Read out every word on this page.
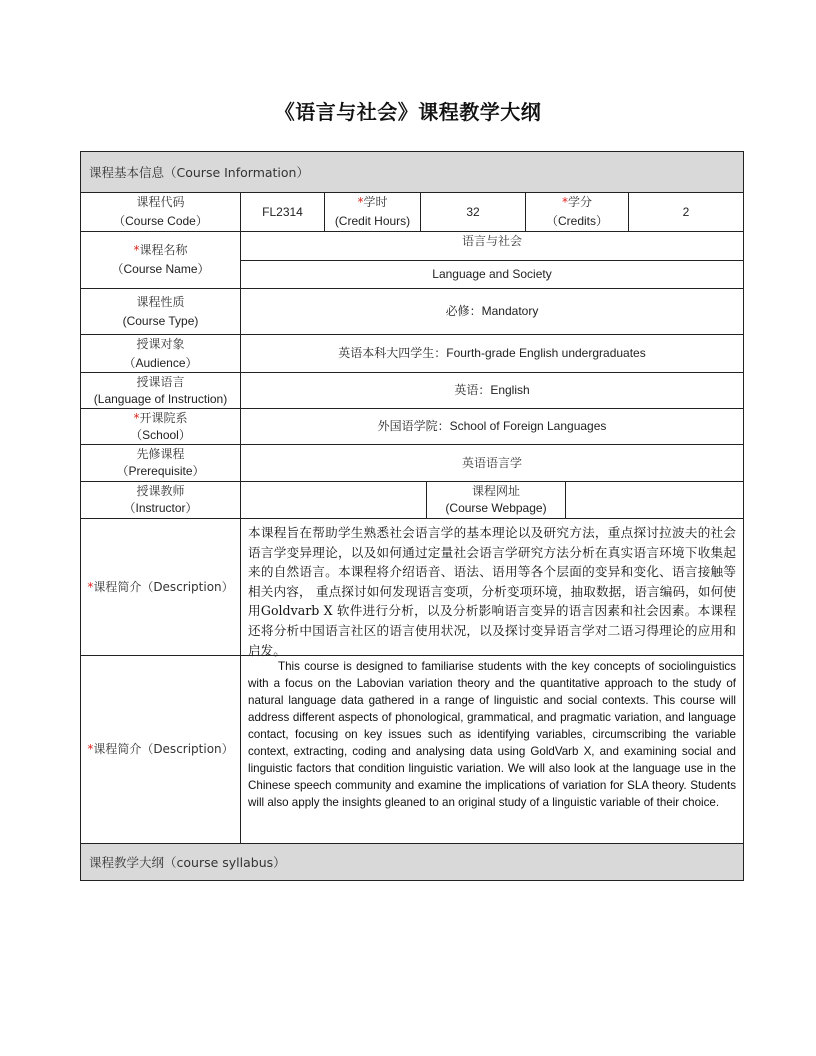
《语言与社会》课程教学大纲
课程基本信息（Course Information）
课程代码
（Course Code）
FL2314
*学时
(Credit Hours)
32
*学分
（Credits）
2
*课程名称
（Course Name）
语言与社会
Language and Society
课程性质
(Course Type)
必修：Mandatory
授课对象
（Audience）
英语本科大四学生：Fourth-grade English undergraduates
授课语言
(Language of Instruction)
英语：English
*开课院系
（School）
外国语学院：School of Foreign Languages
先修课程
（Prerequisite）
英语语言学
授课教师
（Instructor）
课程网址
(Course Webpage)
*课程简介（Description）
本课程旨在帮助学生熟悉社会语言学的基本理论以及研究方法，重点探讨拉波夫的社会语言学变异理论，以及如何通过定量社会语言学研究方法分析在真实语言环境下收集起来的自然语言。本课程将介绍语音、语法、语用等各个层面的变异和变化、语言接触等相关内容， 重点探讨如何发现语言变项，分析变项环境，抽取数据，语言编码，如何使用Goldvarb X 软件进行分析，以及分析影响语言变异的语言因素和社会因素。本课程还将分析中国语言社区的语言使用状况，以及探讨变异语言学对二语习得理论的应用和启发。
*课程简介（Description）
This course is designed to familiarise students with the key concepts of sociolinguistics with a focus on the Labovian variation theory and the quantitative approach to the study of natural language data gathered in a range of linguistic and social contexts. This course will address different aspects of phonological, grammatical, and pragmatic variation, and language contact, focusing on key issues such as identifying variables, circumscribing the variable context, extracting, coding and analysing data using GoldVarb X, and examining social and linguistic factors that condition linguistic variation. We will also look at the language use in the Chinese speech community and examine the implications of variation for SLA theory. Students will also apply the insights gleaned to an original study of a linguistic variable of their choice.
课程教学大纲（course syllabus）
